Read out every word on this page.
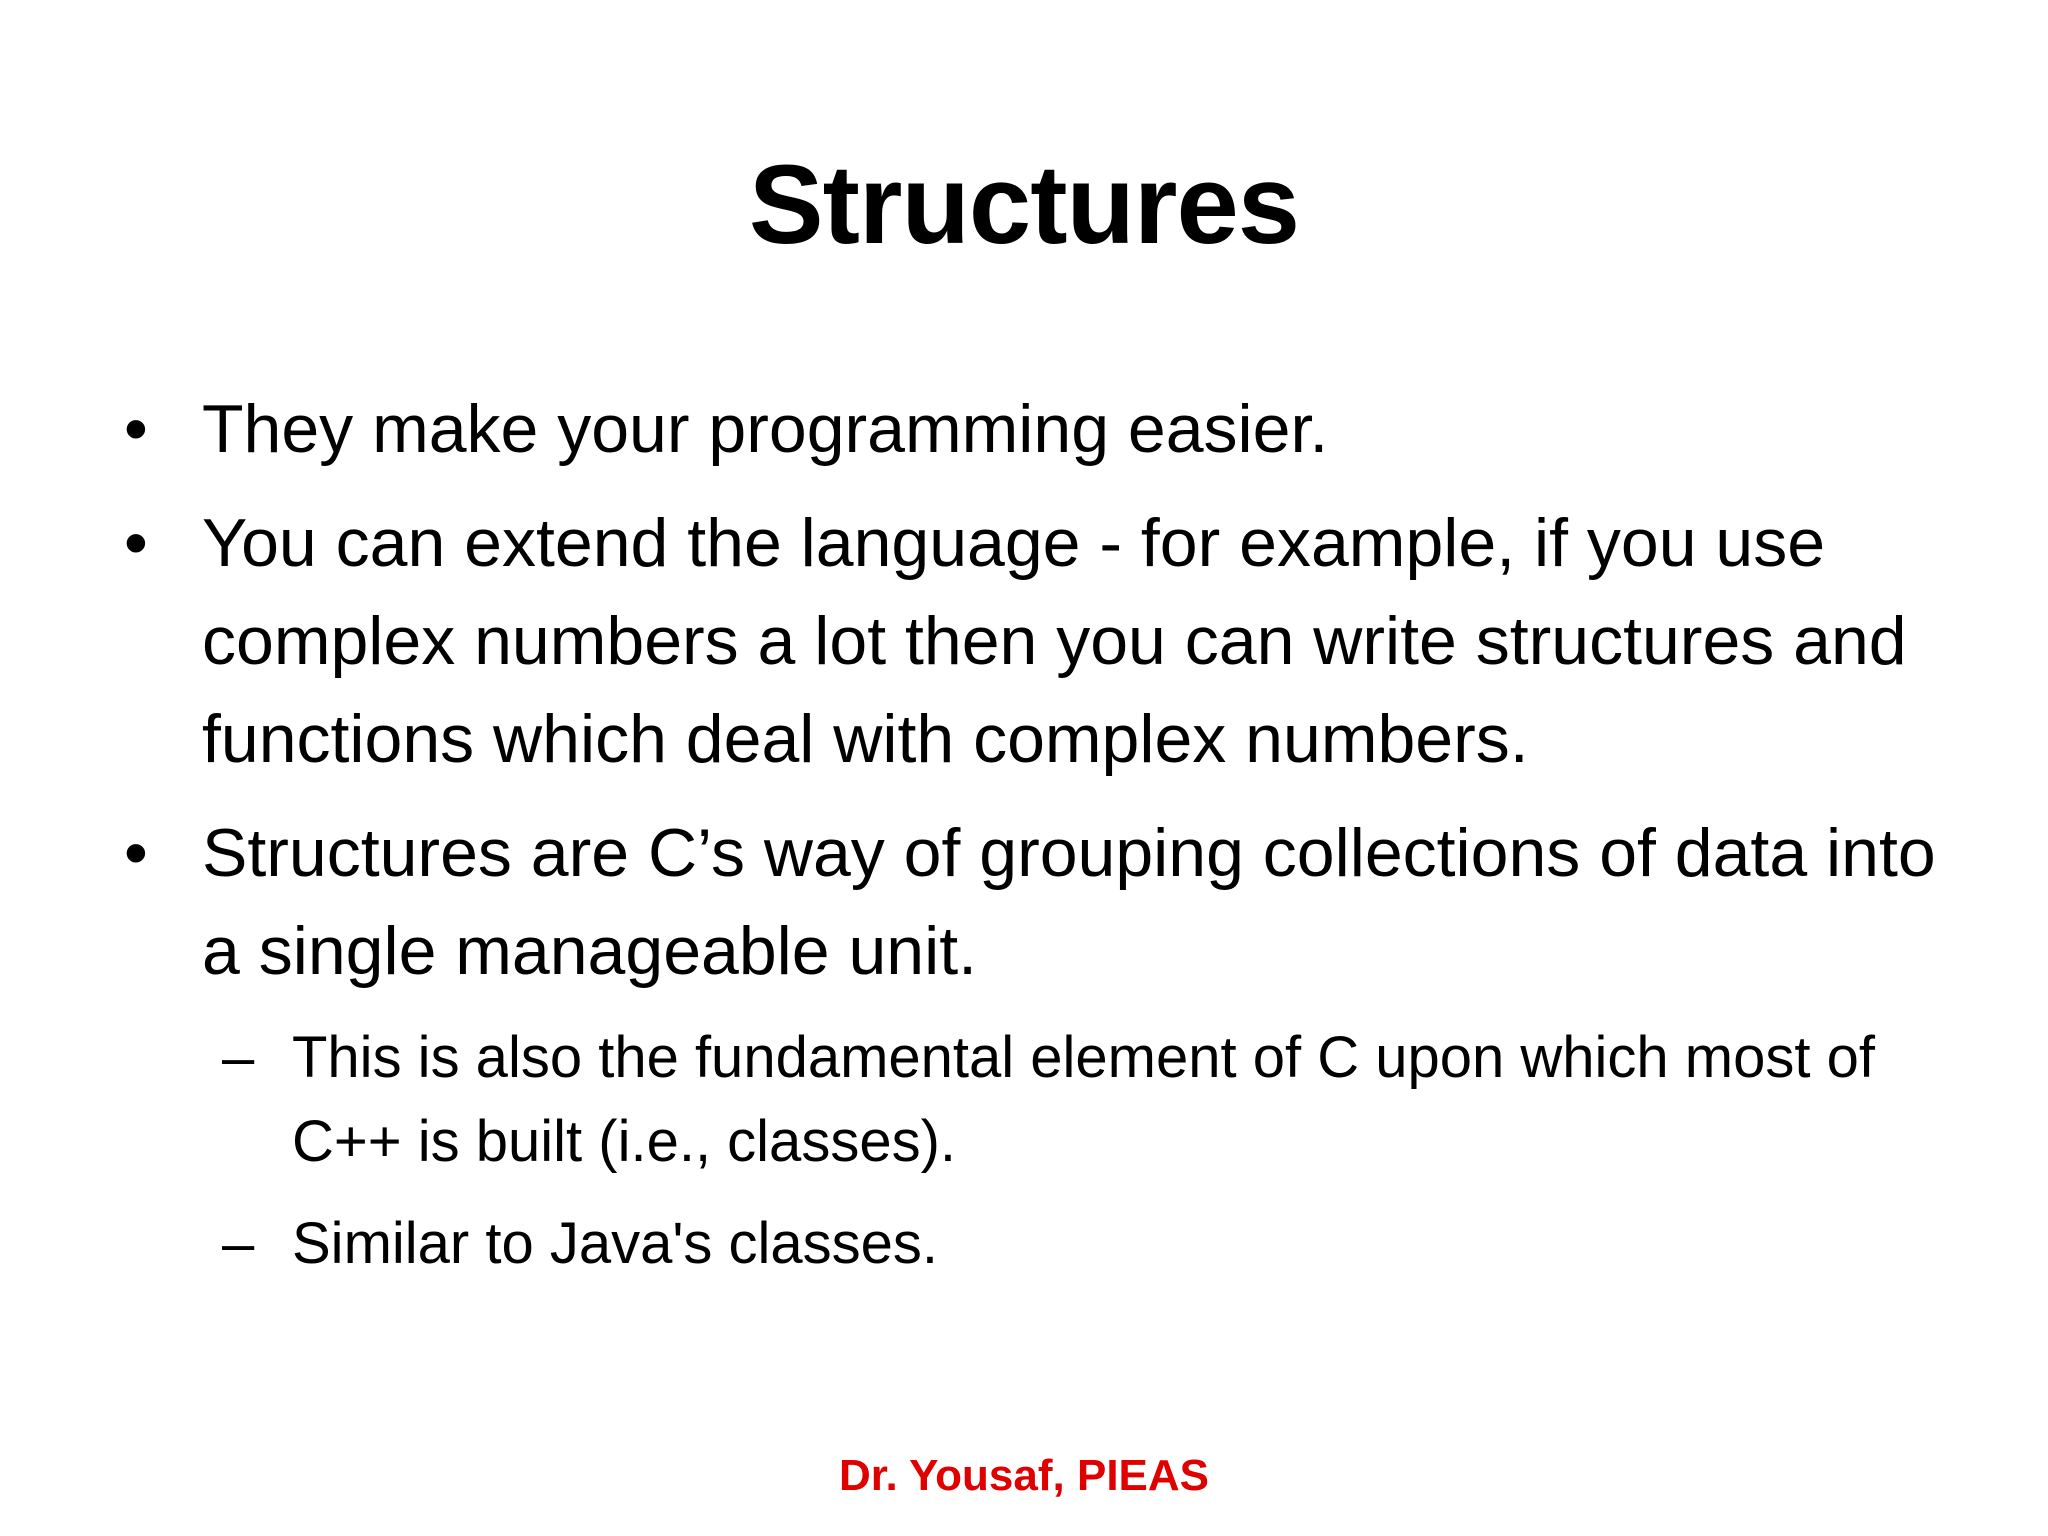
Structures
• They make your programming easier.
• You can extend the language - for example, if you use complex numbers a lot then you can write structures and functions which deal with complex numbers.
• Structures are C’s way of grouping collections of data into a single manageable unit.
– This is also the fundamental element of C upon which most of C++ is built (i.e., classes).
– Similar to Java's classes.
Dr. Yousaf, PIEAS
